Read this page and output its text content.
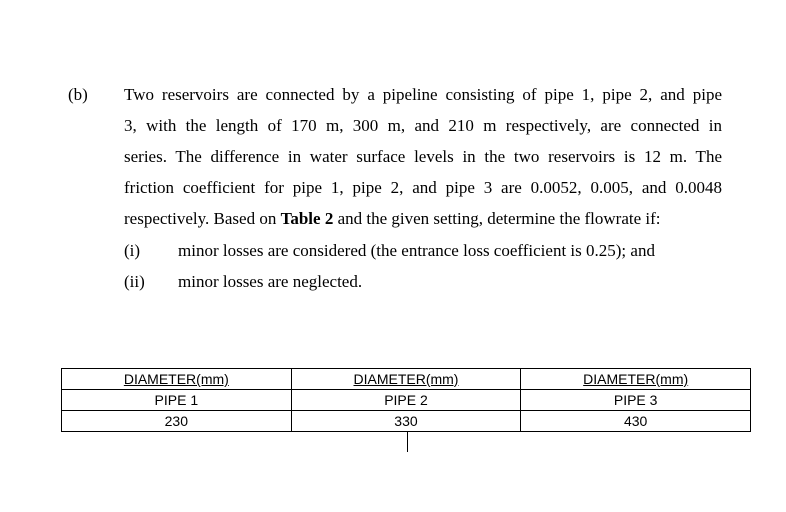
(b) Two reservoirs are connected by a pipeline consisting of pipe 1, pipe 2, and pipe
3, with the length of 170 m, 300 m, and 210 m respectively, are connected in
series. The difference in water surface levels in the two reservoirs is 12 m. The
friction coefficient for pipe 1, pipe 2, and pipe 3 are 0.0052, 0.005, and 0.0048
respectively. Based on Table 2 and the given setting, determine the flowrate if:
(i) minor losses are considered (the entrance loss coefficient is 0.25); and
(ii) minor losses are neglected.
DIAMETER(mm)	DIAMETER(mm)	DIAMETER(mm)
PIPE 1	PIPE 2	PIPE 3
230	330	430
